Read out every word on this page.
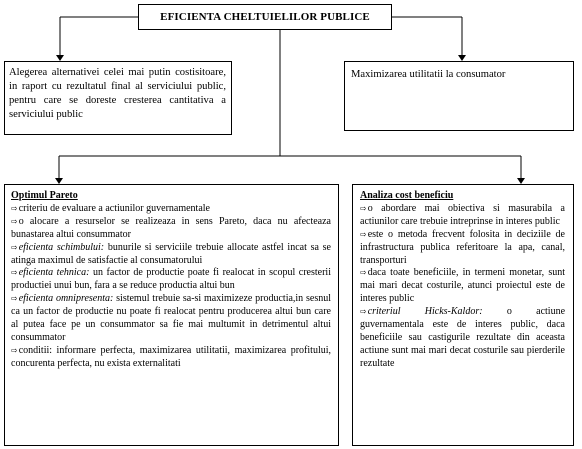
EFICIENTA CHELTUIELILOR PUBLICE
Alegerea alternativei celei mai putin costisitoare, in raport cu rezultatul final al serviciului public, pentru care se doreste cresterea cantitativa a serviciului public
Maximizarea utilitatii la consumator
Optimul Pareto
⇨criteriu de evaluare a actiunilor guvernamentale
⇨o alocare a resurselor se realizeaza in sens Pareto, daca nu afecteaza bunastarea altui consummator
⇨eficienta schimbului: bunurile si serviciile trebuie allocate astfel incat sa se atinga maximul de satisfactie al consumatorului
⇨eficienta tehnica: un factor de productie poate fi realocat in scopul cresterii productiei unui bun, fara a se reduce productia altui bun
⇨eficienta omnipresenta: sistemul trebuie sa-si maximizeze productia,in sesnul ca un factor de productie nu poate fi realocat pentru producerea altui bun care al putea face pe un consummator sa fie mai multumit in detrimentul altui consummator
⇨conditii: informare perfecta, maximizarea utilitatii, maximizarea profitului, concurenta perfecta, nu exista externalitati
Analiza cost beneficiu
⇨o abordare mai obiectiva si masurabila a actiunilor care trebuie intreprinse in interes public
⇨este o metoda frecvent folosita in deciziile de infrastructura publica referitoare la apa, canal, transporturi
⇨daca toate beneficiile, in termeni monetar, sunt mai mari decat costurile, atunci proiectul este de interes public
⇨criteriul Hicks-Kaldor: o actiune guvernamentala este de interes public, daca beneficiile sau castigurile rezultate din aceasta actiune sunt mai mari decat costurile sau pierderile rezultate
